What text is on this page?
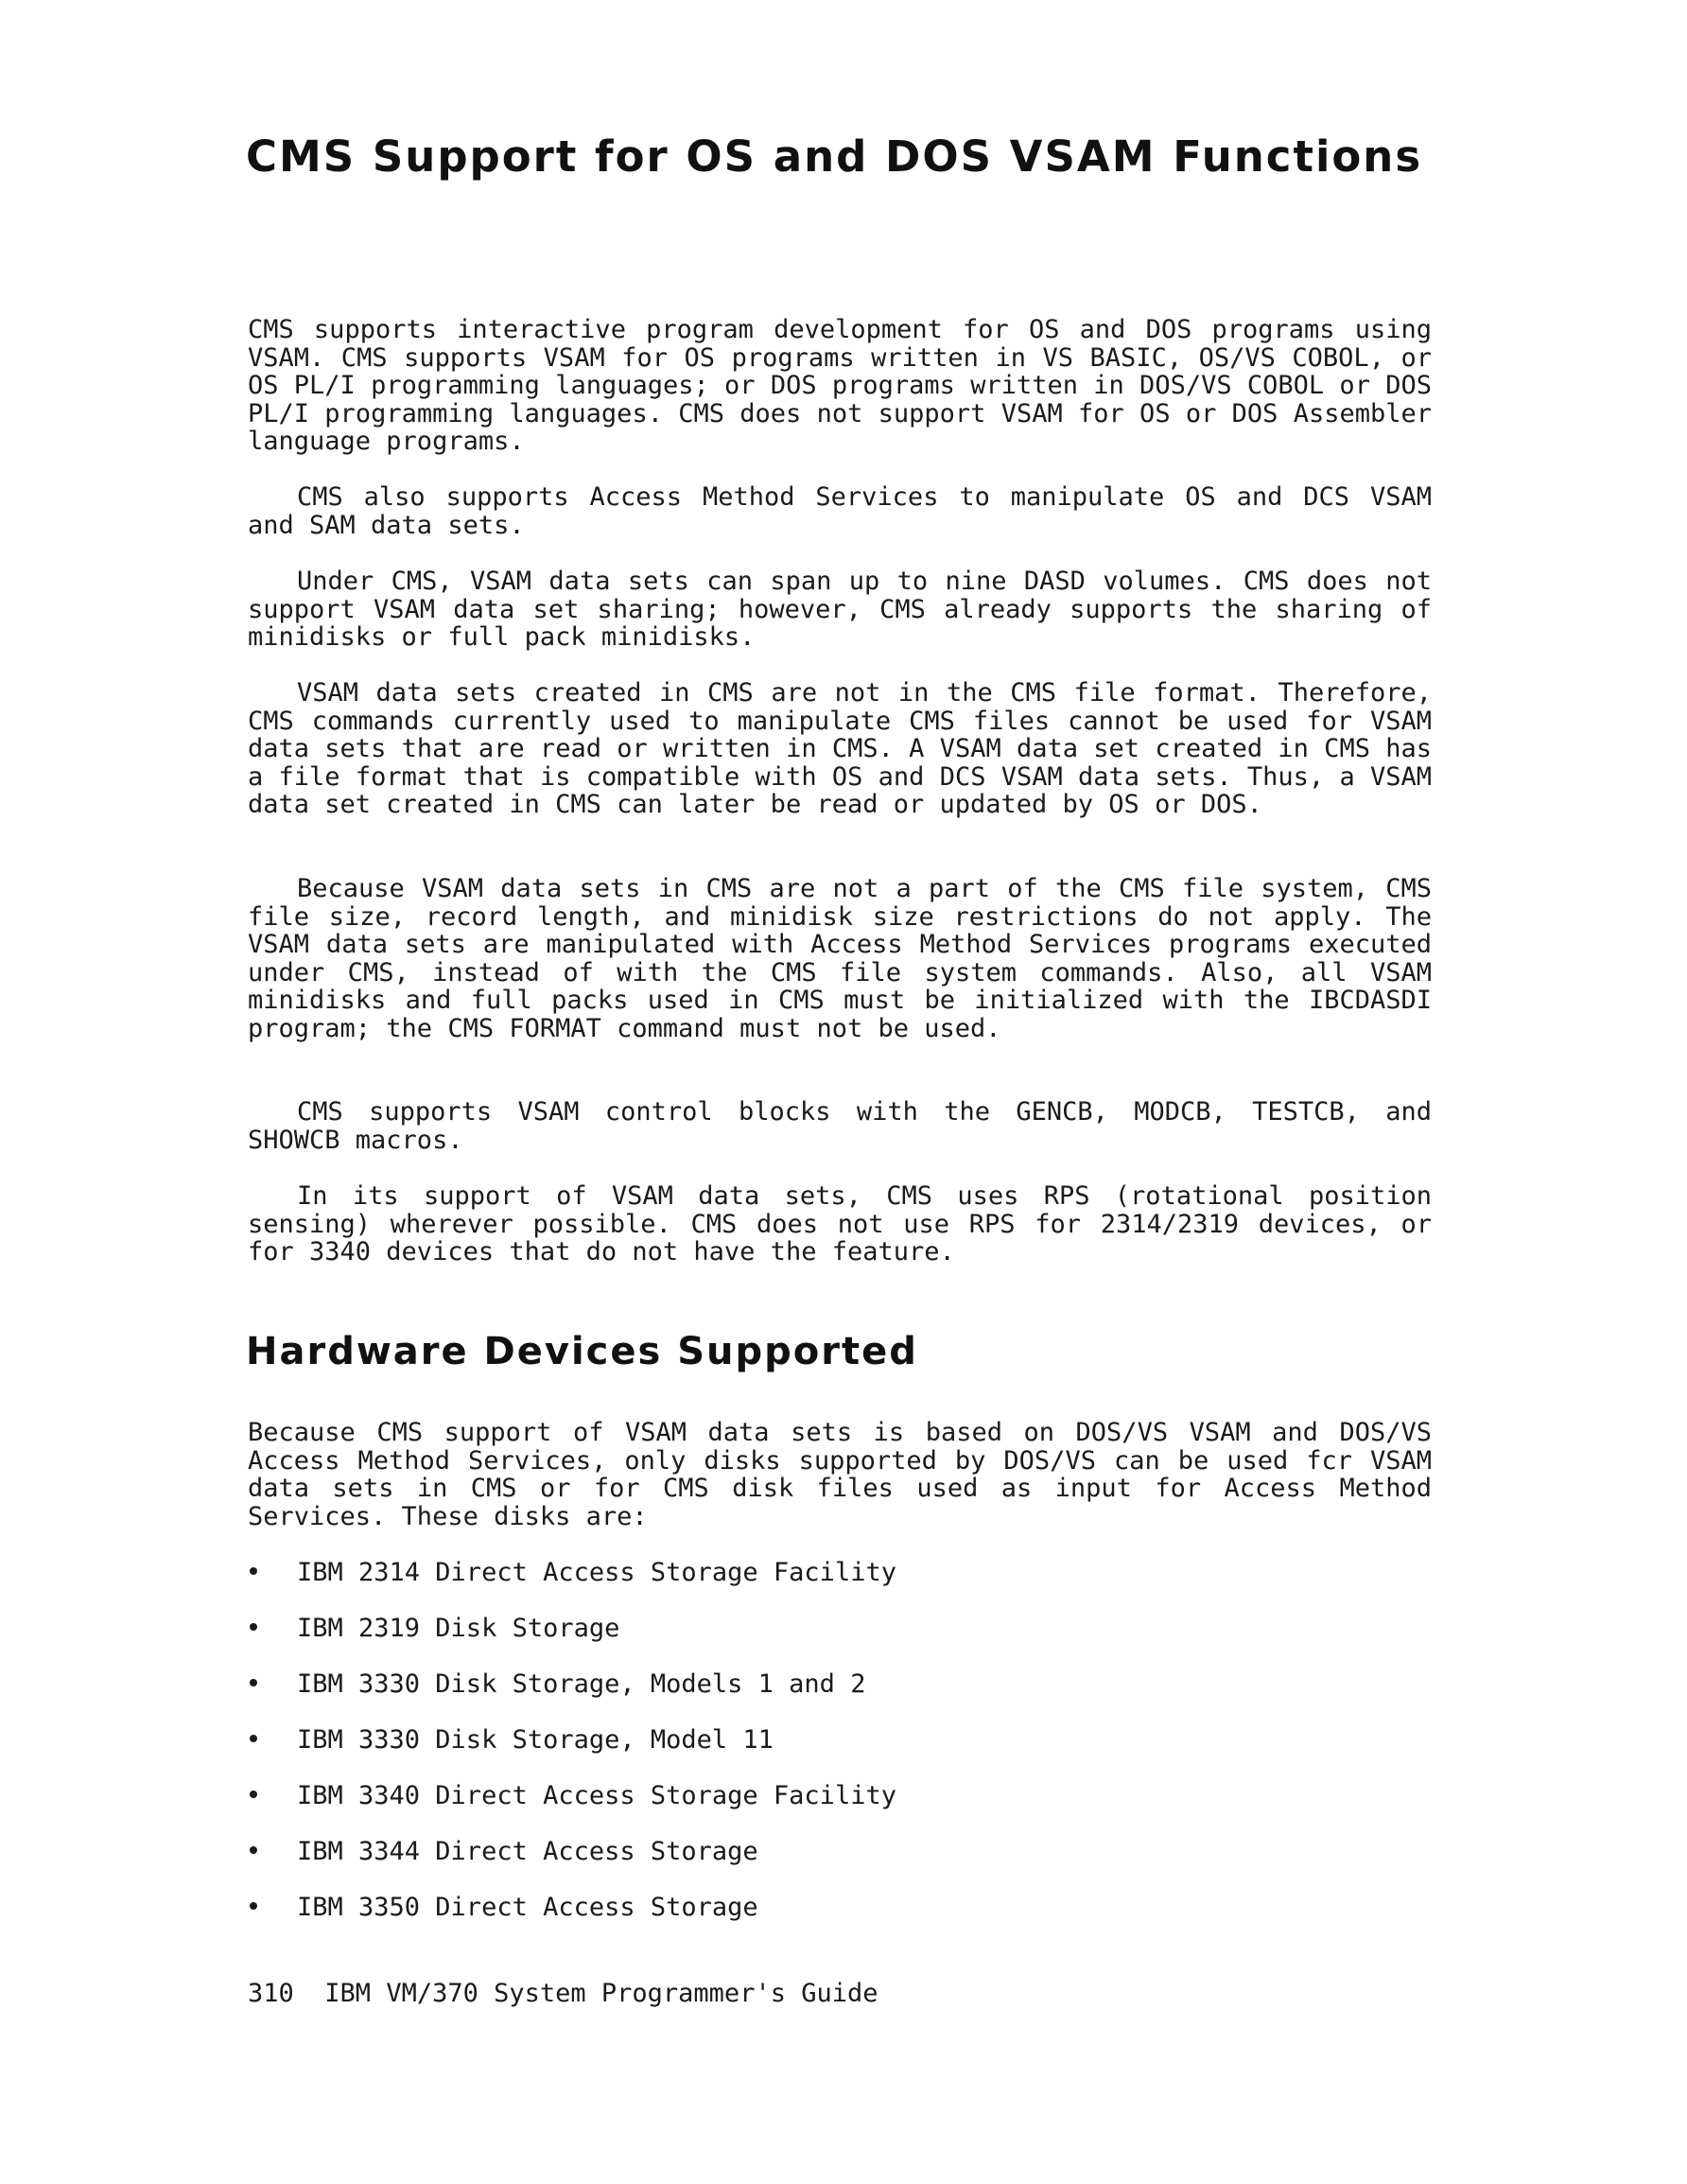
CMS Support for OS and DOS VSAM Functions

CMS supports interactive program development for OS and DOS programs using VSAM. CMS supports VSAM for OS programs written in VS BASIC, OS/VS COBOL, or OS PL/I programming languages; or DOS programs written in DOS/VS COBOL or DOS PL/I programming languages. CMS does not support VSAM for OS or DOS Assembler language programs.

CMS also supports Access Method Services to manipulate OS and DCS VSAM and SAM data sets.

Under CMS, VSAM data sets can span up to nine DASD volumes. CMS does not support VSAM data set sharing; however, CMS already supports the sharing of minidisks or full pack minidisks.

VSAM data sets created in CMS are not in the CMS file format. Therefore, CMS commands currently used to manipulate CMS files cannot be used for VSAM data sets that are read or written in CMS. A VSAM data set created in CMS has a file format that is compatible with OS and DCS VSAM data sets. Thus, a VSAM data set created in CMS can later be read or updated by OS or DOS.

Because VSAM data sets in CMS are not a part of the CMS file system, CMS file size, record length, and minidisk size restrictions do not apply. The VSAM data sets are manipulated with Access Method Services programs executed under CMS, instead of with the CMS file system commands. Also, all VSAM minidisks and full packs used in CMS must be initialized with the IBCDASDI program; the CMS FORMAT command must not be used.

CMS supports VSAM control blocks with the GENCB, MODCB, TESTCB, and SHOWCB macros.

In its support of VSAM data sets, CMS uses RPS (rotational position sensing) wherever possible. CMS does not use RPS for 2314/2319 devices, or for 3340 devices that do not have the feature.

Hardware Devices Supported

Because CMS support of VSAM data sets is based on DOS/VS VSAM and DOS/VS Access Method Services, only disks supported by DOS/VS can be used fcr VSAM data sets in CMS or for CMS disk files used as input for Access Method Services. These disks are:

IBM 2314 Direct Access Storage Facility
IBM 2319 Disk Storage
IBM 3330 Disk Storage, Models 1 and 2
IBM 3330 Disk Storage, Model 11
IBM 3340 Direct Access Storage Facility
IBM 3344 Direct Access Storage
IBM 3350 Direct Access Storage
310 IBM VM/370 System Programmer's Guide
